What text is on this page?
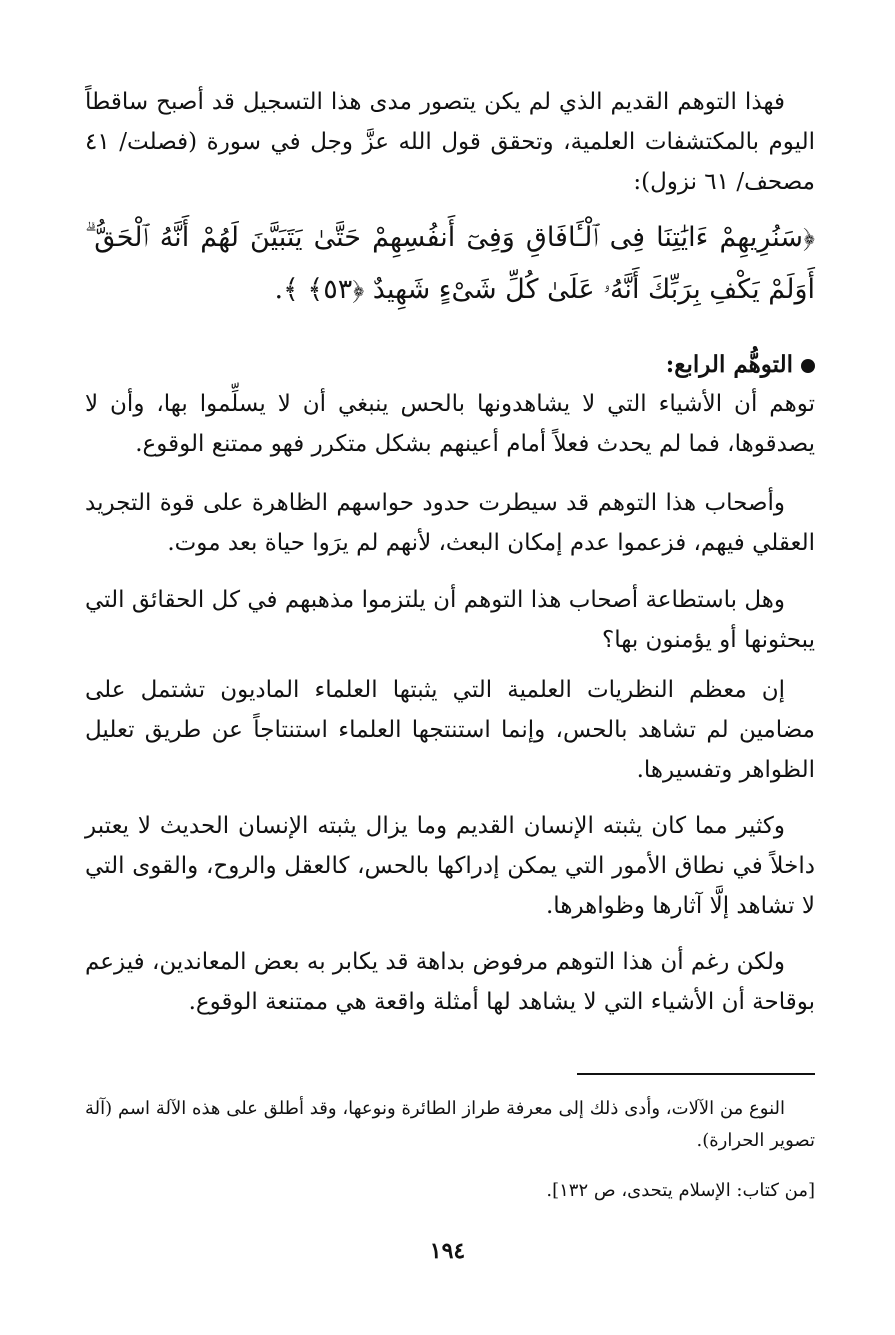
فهذا التوهم القديم الذي لم يكن يتصور مدى هذا التسجيل قد أصبح ساقطاً اليوم بالمكتشفات العلمية، وتحقق قول الله عزَّ وجل في سورة (فصلت/ ٤١ مصحف/ ٦١ نزول):

﴿سَنُرِيهِمْ ءَايَٰتِنَا فِى ٱلْـَٔافَاقِ وَفِىٓ أَنفُسِهِمْ حَتَّىٰ يَتَبَيَّنَ لَهُمْ أَنَّهُ ٱلْحَقُّ ۗ أَوَلَمْ يَكْفِ بِرَبِّكَ أَنَّهُۥ عَلَىٰ كُلِّ شَىْءٍ شَهِيدٌ ﴿٥٣﴾ ﴾.

التوهُّم الرابع:

توهم أن الأشياء التي لا يشاهدونها بالحس ينبغي أن لا يسلِّموا بها، وأن لا يصدقوها، فما لم يحدث فعلاً أمام أعينهم بشكل متكرر فهو ممتنع الوقوع.

وأصحاب هذا التوهم قد سيطرت حدود حواسهم الظاهرة على قوة التجريد العقلي فيهم، فزعموا عدم إمكان البعث، لأنهم لم يرَوا حياة بعد موت.

وهل باستطاعة أصحاب هذا التوهم أن يلتزموا مذهبهم في كل الحقائق التي يبحثونها أو يؤمنون بها؟

إن معظم النظريات العلمية التي يثبتها العلماء الماديون تشتمل على مضامين لم تشاهد بالحس، وإنما استنتجها العلماء استنتاجاً عن طريق تعليل الظواهر وتفسيرها.

وكثير مما كان يثبته الإنسان القديم وما يزال يثبته الإنسان الحديث لا يعتبر داخلاً في نطاق الأمور التي يمكن إدراكها بالحس، كالعقل والروح، والقوى التي لا تشاهد إلَّا آثارها وظواهرها.

ولكن رغم أن هذا التوهم مرفوض بداهة قد يكابر به بعض المعاندين، فيزعم بوقاحة أن الأشياء التي لا يشاهد لها أمثلة واقعة هي ممتنعة الوقوع.

النوع من الآلات، وأدى ذلك إلى معرفة طراز الطائرة ونوعها، وقد أطلق على هذه الآلة اسم (آلة تصوير الحرارة).

[من كتاب: الإسلام يتحدى، ص ١٣٢].

١٩٤
